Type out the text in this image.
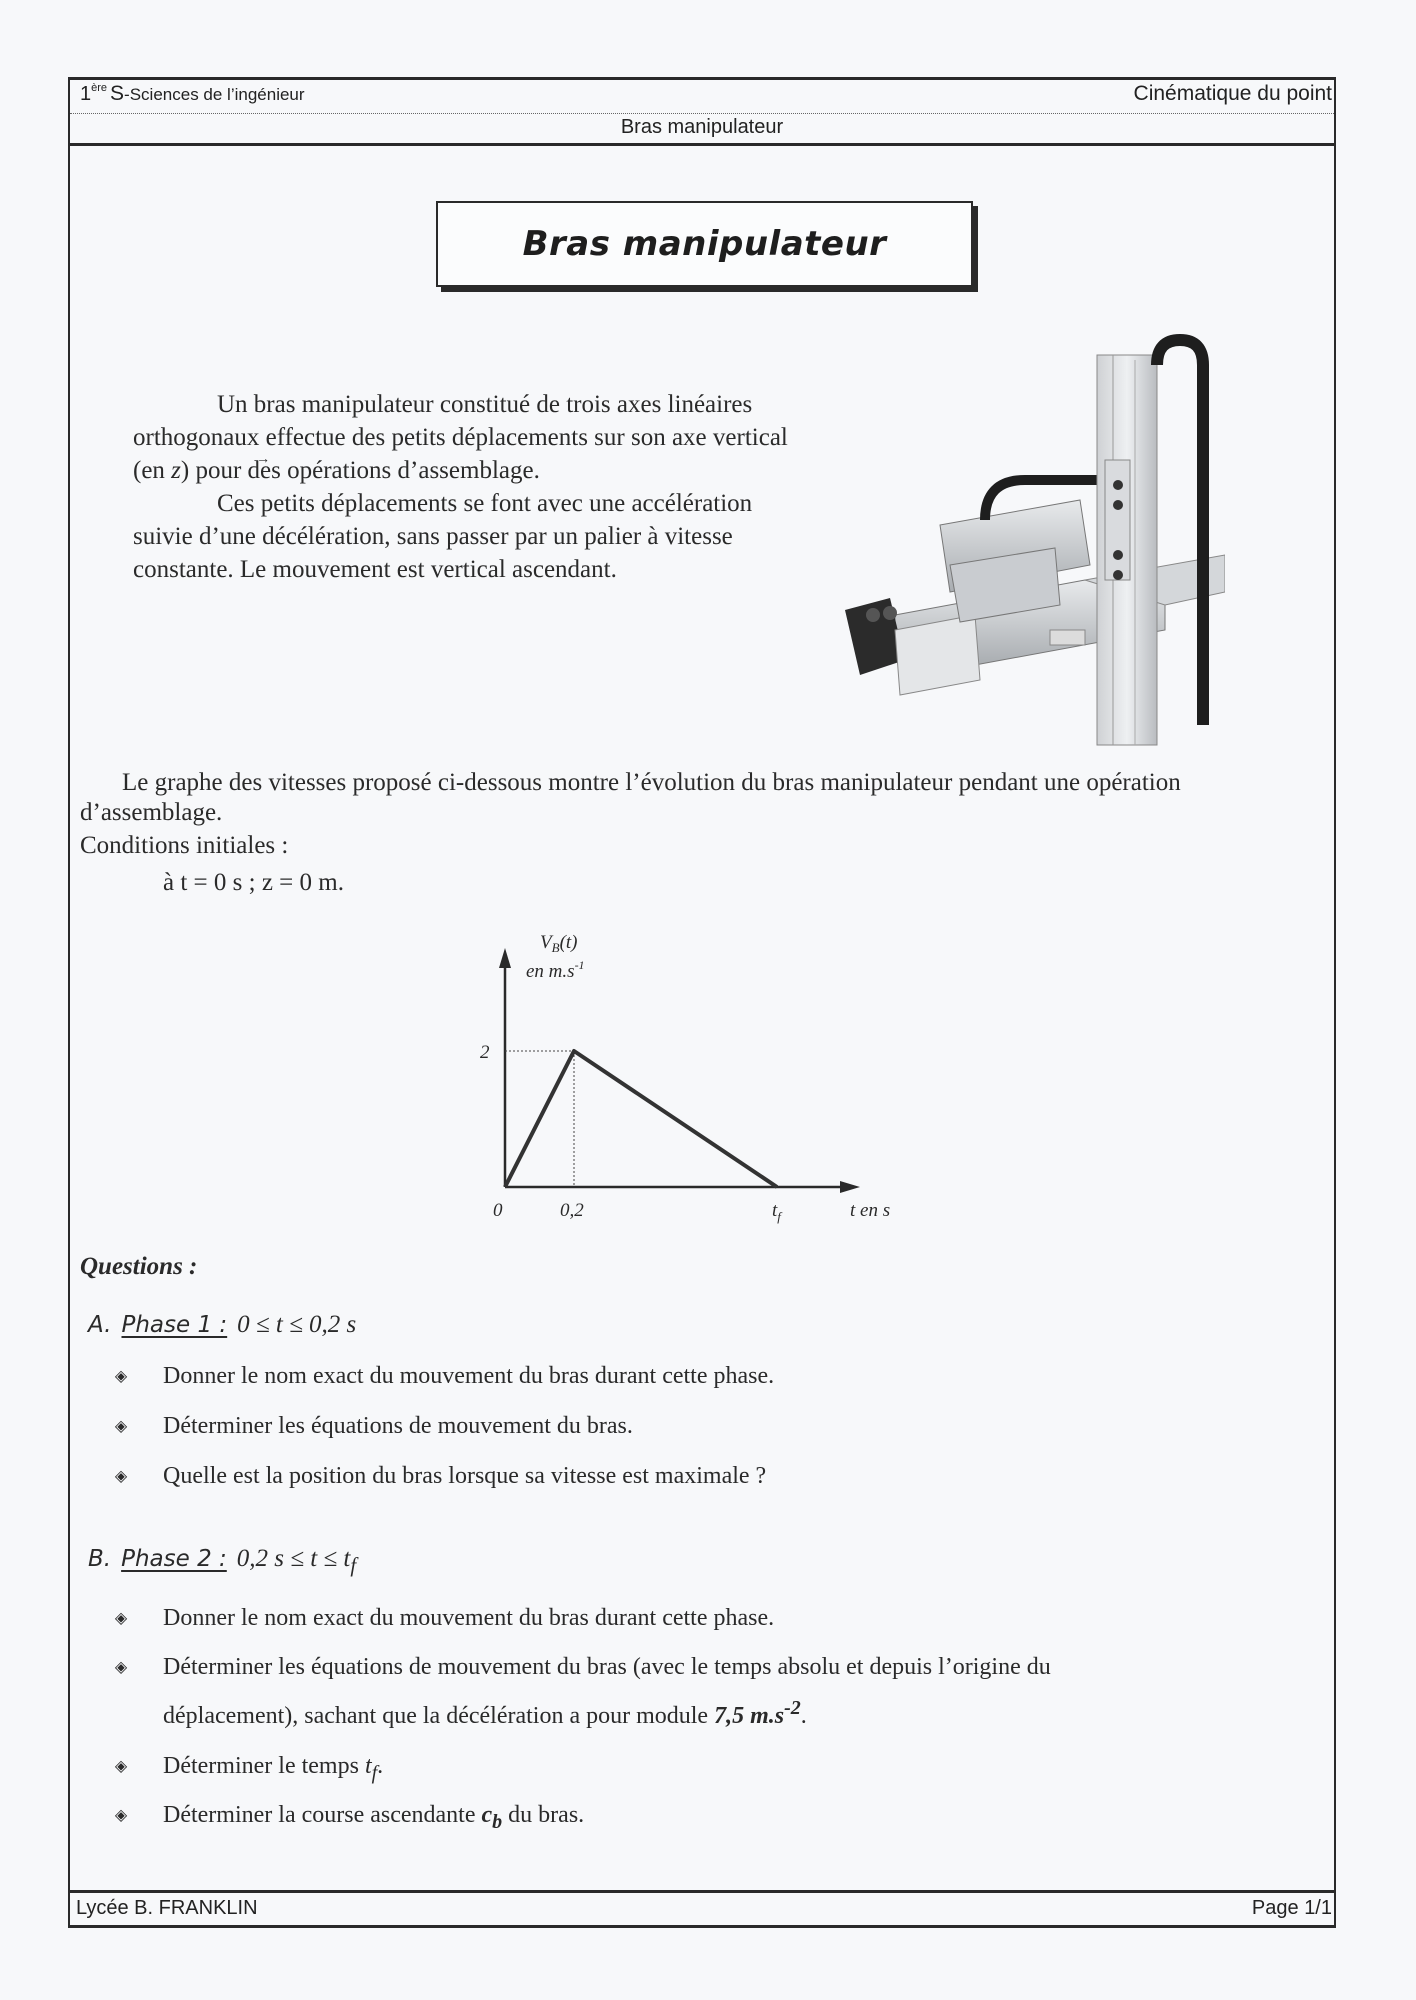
1ère S-Sciences de l’ingénieur	Cinématique du point
Bras manipulateur
Bras manipulateur

Un bras manipulateur constitué de trois axes linéaires orthogonaux effectue des petits déplacements sur son axe vertical (en → z) pour des opérations d’assemblage.

Ces petits déplacements se font avec une accélération suivie d’une décélération, sans passer par un palier à vitesse constante. Le mouvement est vertical ascendant.

Le graphe des vitesses proposé ci-dessous montre l’évolution du bras manipulateur pendant une opération d’assemblage.
Conditions initiales :
à t = 0 s ; z = 0 m.
$V_B(t)$
en $m.s^{-1}$
2
0	0,2	$t_f$	t en s
Questions :
A. Phase 1 : 0 ≤ t ≤ 0,2 s
◈ Donner le nom exact du mouvement du bras durant cette phase.
◈ Déterminer les équations de mouvement du bras.
◈ Quelle est la position du bras lorsque sa vitesse est maximale ?
B. Phase 2 : 0,2 $s \le t \le t_f$
◈ Donner le nom exact du mouvement du bras durant cette phase.
◈ Déterminer les équations de mouvement du bras (avec le temps absolu et depuis l’origine du
déplacement), sachant que la décélération a pour module 7,5 $m.s^{-2}$.
◈ Déterminer le temps $t_f$.
◈ Déterminer la course ascendante $c_b$ du bras.
Lycée B. FRANKLIN	Page 1/1
